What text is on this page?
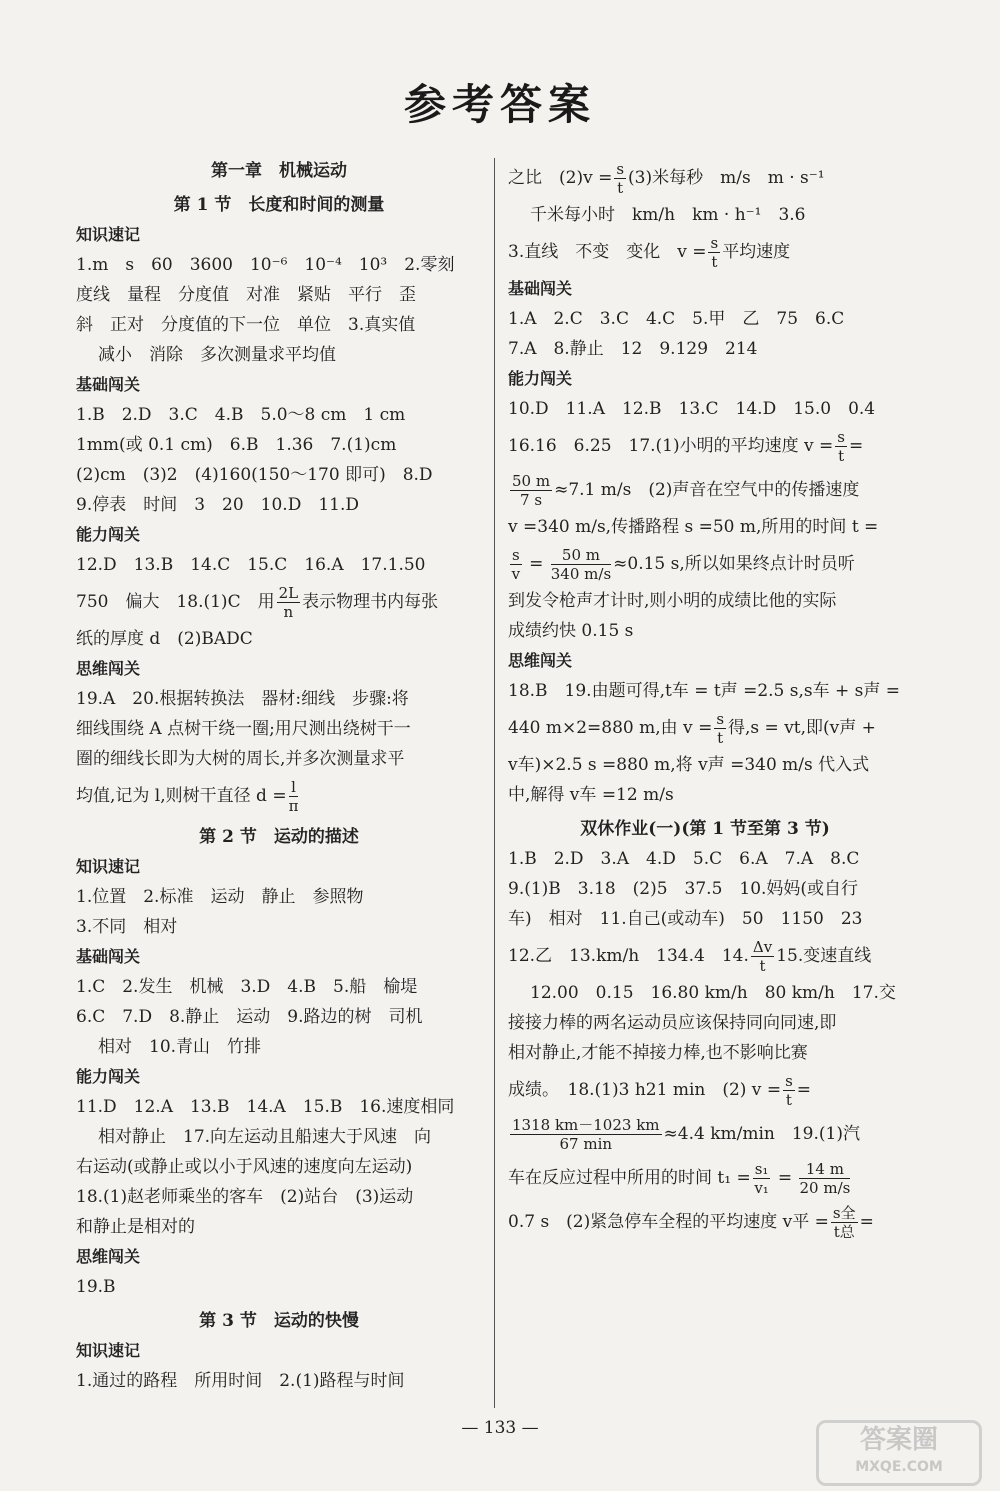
参考答案
第一章　机械运动
第 1 节　长度和时间的测量
知识速记
1.m　s　60　3600　10⁻⁶　10⁻⁴　10³　2.零刻
度线　量程　分度值　对准　紧贴　平行　歪
斜　正对　分度值的下一位　单位　3.真实值
减小　消除　多次测量求平均值
基础闯关
1.B　2.D　3.C　4.B　5.0～8 cm　1 cm
1mm(或 0.1 cm)　6.B　1.36　7.(1)cm
(2)cm　(3)2　(4)160(150～170 即可)　8.D
9.停表　时间　3　20　10.D　11.D
能力闯关
12.D　13.B　14.C　15.C　16.A　17.1.50
750　偏大　18.(1)C　用 $\frac{2L}{n}$ 表示物理书内每张
纸的厚度 d　(2)BADC
思维闯关
19.A　20.根据转换法　器材:细线　步骤:将
细线围绕 A 点树干绕一圈;用尺测出绕树干一
圈的细线长即为大树的周长,并多次测量求平
均值,记为 l,则树干直径 $d = \frac{l}{\pi}$
第 2 节　运动的描述
知识速记
1.位置　2.标准　运动　静止　参照物
3.不同　相对
基础闯关
1.C　2.发生　机械　3.D　4.B　5.船　榆堤
6.C　7.D　8.静止　运动　9.路边的树　司机
相对　10.青山　竹排
能力闯关
11.D　12.A　13.B　14.A　15.B　16.速度相同
相对静止　17.向左运动且船速大于风速　向
右运动(或静止或以小于风速的速度向左运动)
18.(1)赵老师乘坐的客车　(2)站台　(3)运动
和静止是相对的
思维闯关
19.B
第 3 节　运动的快慢
知识速记
1.通过的路程　所用时间　2.(1)路程与时间
之比　$(2)v = \frac{s}{t} (3)$米每秒　m/s　m · s⁻¹
千米每小时　km/h　km · h⁻¹　3.6
3.直线　不变　变化　$v = \frac{s}{t}$ 平均速度
基础闯关
1.A　2.C　3.C　4.C　5.甲　乙　75　6.C
7.A　8.静止　12　9.129　214
能力闯关
10.D　11.A　12.B　13.C　14.D　15.0　0.4
16.16　6.25　17.(1)小明的平均速度 $v = \frac{s}{t}$ =
$\frac{50 m}{7 s} \approx 7.1$ m/s　(2)声音在空气中的传播速度
v =340 m/s,传播路程 s =50 m,所用的时间 t =
$\frac{s}{v} = \frac{50 m}{340 m/s} \approx 0.15$ s,所以如果终点计时员听
到发令枪声才计时,则小明的成绩比他的实际
成绩约快 0.15 s
思维闯关
18.B　19.由题可得,t车 = t声 =2.5 s,s车 + s声 =
440 m×2=880 m,由 $v = \frac{s}{t}$ 得,s = vt,即(v声 +
v车)×2.5 s =880 m,将 v声 =340 m/s 代入式
中,解得 v车 =12 m/s
双休作业(一)(第 1 节至第 3 节)
1.B　2.D　3.A　4.D　5.C　6.A　7.A　8.C
9.(1)B　3.18　(2)5　37.5　10.妈妈(或自行
车)　相对　11.自己(或动车)　50　1150　23
12.乙　13.km/h　134.4　14. $\frac{\Delta v}{t} 15$.变速直线
12.00　0.15　16.80 km/h　80 km/h　17.交
接接力棒的两名运动员应该保持同向同速,即
相对静止,才能不掉接力棒,也不影响比赛
成绩。　18.(1)3 h21 min　(2) $v = \frac{s}{t}$ =
$\frac{1318 km-1023 km}{67 \min} \approx 4.4$ km/min　19.(1)汽
车在反应过程中所用的时间 $t_1 = \frac{\text{s₁}}{\text{v₁}} = \frac{14 m}{20 m/s}$
0.7 s　(2)紧急停车全程的平均速度 v平 = $\frac{\text{s全}}{\text{t总}}$ =
— 133 —	答案圈
MXQE.COM
